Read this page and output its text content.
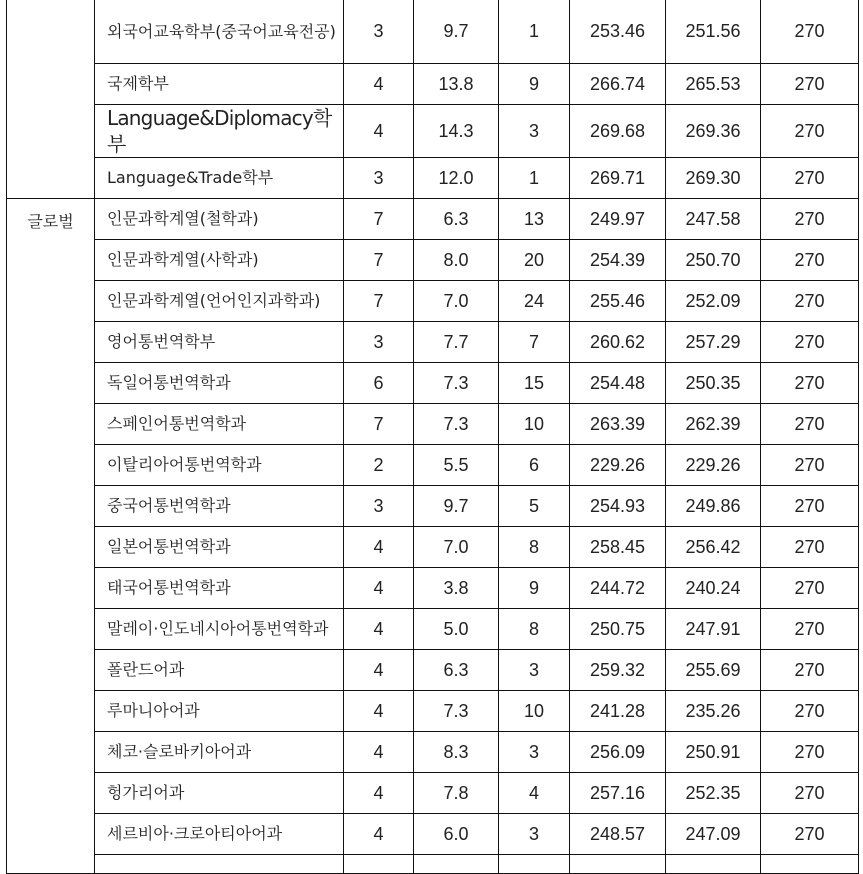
	외국어교육학부(중국어교육전공)	3	9.7	1	253.46	251.56	270
	국제학부	4	13.8	9	266.74	265.53	270
	Language&Diplomacy학부	4	14.3	3	269.68	269.36	270
	Language&Trade학부	3	12.0	1	269.71	269.30	270
글로벌	인문과학계열(철학과)	7	6.3	13	249.97	247.58	270
	인문과학계열(사학과)	7	8.0	20	254.39	250.70	270
	인문과학계열(언어인지과학과)	7	7.0	24	255.46	252.09	270
	영어통번역학부	3	7.7	7	260.62	257.29	270
	독일어통번역학과	6	7.3	15	254.48	250.35	270
	스페인어통번역학과	7	7.3	10	263.39	262.39	270
	이탈리아어통번역학과	2	5.5	6	229.26	229.26	270
	중국어통번역학과	3	9.7	5	254.93	249.86	270
	일본어통번역학과	4	7.0	8	258.45	256.42	270
	태국어통번역학과	4	3.8	9	244.72	240.24	270
	말레이·인도네시아어통번역학과	4	5.0	8	250.75	247.91	270
	폴란드어과	4	6.3	3	259.32	255.69	270
	루마니아어과	4	7.3	10	241.28	235.26	270
	체코·슬로바키아어과	4	8.3	3	256.09	250.91	270
	헝가리어과	4	7.8	4	257.16	252.35	270
	세르비아·크로아티아어과	4	6.0	3	248.57	247.09	270
